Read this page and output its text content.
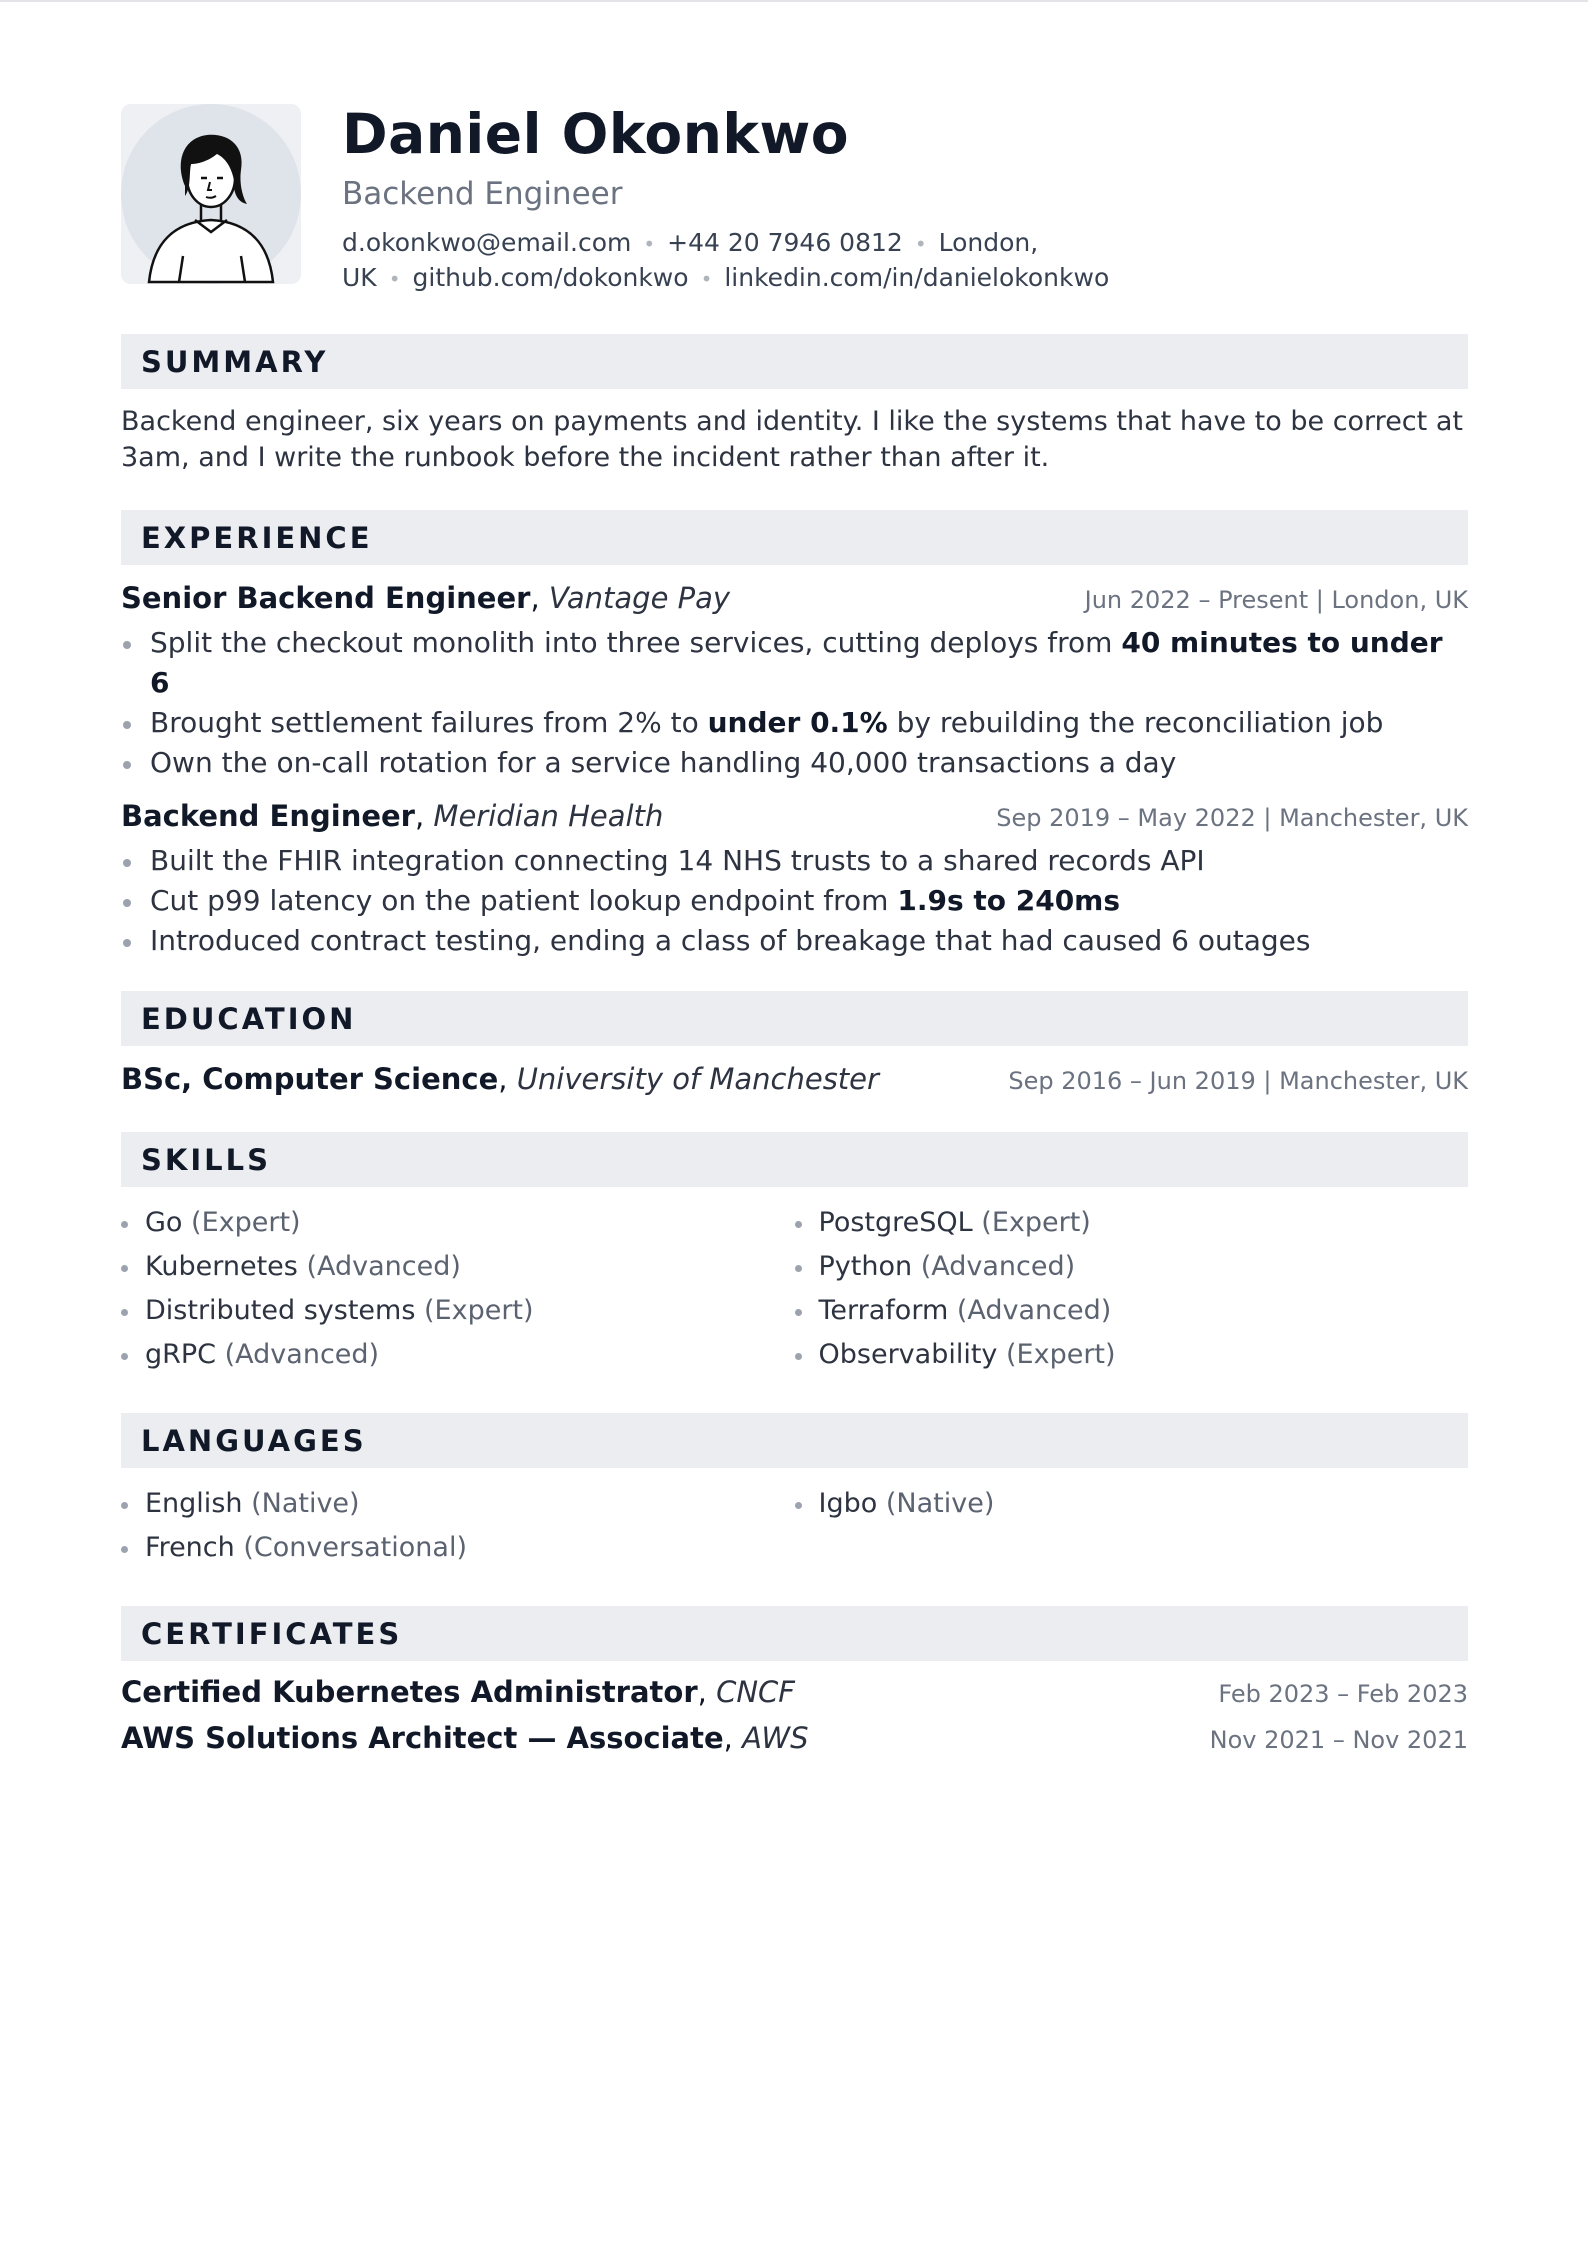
Daniel Okonkwo
Backend Engineer
d.okonkwo@email.com • +44 20 7946 0812 • London, UK • github.com/dokonkwo • linkedin.com/in/danielokonkwo
SUMMARY
Backend engineer, six years on payments and identity. I like the systems that have to be correct at 3am, and I write the runbook before the incident rather than after it.
EXPERIENCE
Senior Backend Engineer, Vantage Pay	Jun 2022 – Present | London, UK
Split the checkout monolith into three services, cutting deploys from 40 minutes to under 6
Brought settlement failures from 2% to under 0.1% by rebuilding the reconciliation job
Own the on-call rotation for a service handling 40,000 transactions a day
Backend Engineer, Meridian Health	Sep 2019 – May 2022 | Manchester, UK
Built the FHIR integration connecting 14 NHS trusts to a shared records API
Cut p99 latency on the patient lookup endpoint from 1.9s to 240ms
Introduced contract testing, ending a class of breakage that had caused 6 outages
EDUCATION
BSc, Computer Science, University of Manchester	Sep 2016 – Jun 2019 | Manchester, UK
SKILLS
Go (Expert)
Kubernetes (Advanced)
Distributed systems (Expert)
gRPC (Advanced)
PostgreSQL (Expert)
Python (Advanced)
Terraform (Advanced)
Observability (Expert)
LANGUAGES
English (Native)
French (Conversational)
Igbo (Native)
CERTIFICATES
Certified Kubernetes Administrator, CNCF	Feb 2023 – Feb 2023
AWS Solutions Architect — Associate, AWS	Nov 2021 – Nov 2021
